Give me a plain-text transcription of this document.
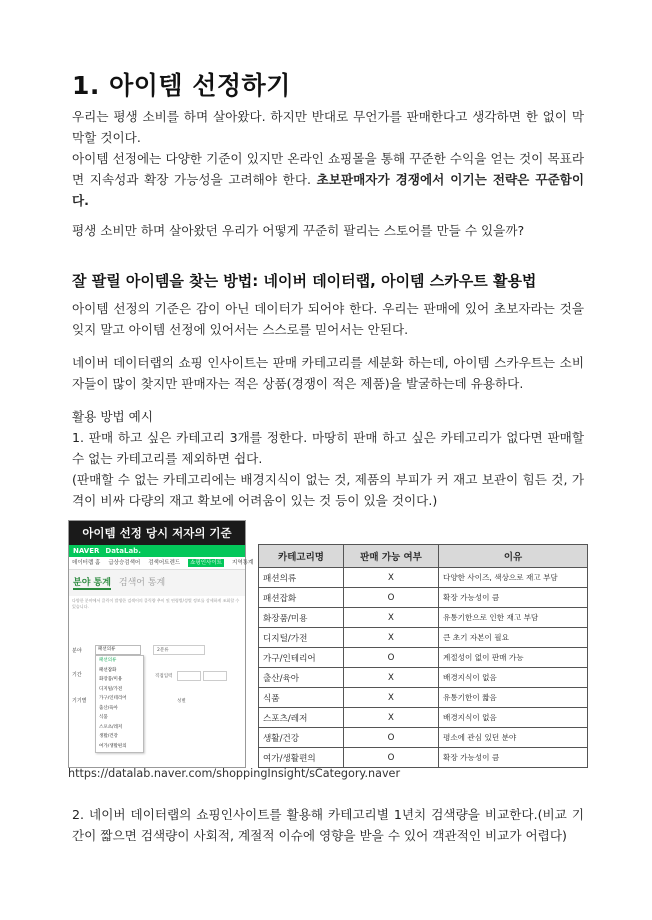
1. 아이템 선정하기

우리는 평생 소비를 하며 살아왔다. 하지만 반대로 무언가를 판매한다고 생각하면 한 없이 막막할 것이다.

아이템 선정에는 다양한 기준이 있지만 온라인 쇼핑몰을 통해 꾸준한 수익을 얻는 것이 목표라면 지속성과 확장 가능성을 고려해야 한다. 초보판매자가 경쟁에서 이기는 전략은 꾸준함이다.

평생 소비만 하며 살아왔던 우리가 어떻게 꾸준히 팔리는 스토어를 만들 수 있을까?

잘 팔릴 아이템을 찾는 방법: 네이버 데이터랩, 아이템 스카우트 활용법

아이템 선정의 기준은 감이 아닌 데이터가 되어야 한다. 우리는 판매에 있어 초보자라는 것을 잊지 말고 아이템 선정에 있어서는 스스로를 믿어서는 안된다.

네이버 데이터랩의 쇼핑 인사이트는 판매 카테고리를 세분화 하는데, 아이템 스카우트는 소비자들이 많이 찾지만 판매자는 적은 상품(경쟁이 적은 제품)을 발굴하는데 유용하다.

활용 방법 예시

1. 판매 하고 싶은 카테고리 3개를 정한다. 마땅히 판매 하고 싶은 카테고리가 없다면 판매할 수 없는 카테고리를 제외하면 쉽다.

(판매할 수 없는 카테고리에는 배경지식이 없는 것, 제품의 부피가 커 재고 보관이 힘든 것, 가격이 비싸 다량의 재고 확보에 어려움이 있는 것 등이 있을 것이다.)

아이템 선정 당시 저자의 기준
NAVER DataLab.
데이터랩 홈 급상승검색어 검색어트렌드 쇼핑인사이트 지역통계
분야 통계 검색어 통계
다양한 분야에서 클릭이 발생한 검색어의 클릭량 추이 및 연령별/성별 정보를 상세하게 조회할 수 있습니다.
분야
기간
기기별
패션의류
패션의류
패션잡화
화장품/미용
디지털/가전
가구/인테리어
출산/육아
식품
스포츠/레저
생활/건강
여가/생활편의
2분류
직접입력
성별
카테고리명	판매 가능 여부	이유
패션의류	X	다양한 사이즈, 색상으로 재고 부담
패션잡화	O	확장 가능성이 큼
화장품/미용	X	유통기한으로 인한 재고 부담
디지털/가전	X	큰 초기 자본이 필요
가구/인테리어	O	계절성이 없이 판매 가능
출산/육아	X	배경지식이 없음
식품	X	유통기한이 짧음
스포츠/레저	X	배경지식이 없음
생활/건강	O	평소에 관심 있던 분야
여가/생활편의	O	확장 가능성이 큼

https://datalab.naver.com/shoppingInsight/sCategory.naver

2. 네이버 데이터랩의 쇼핑인사이트를 활용해 카테고리별 1년치 검색량을 비교한다.(비교 기간이 짧으면 검색량이 사회적, 계절적 이슈에 영향을 받을 수 있어 객관적인 비교가 어렵다)
